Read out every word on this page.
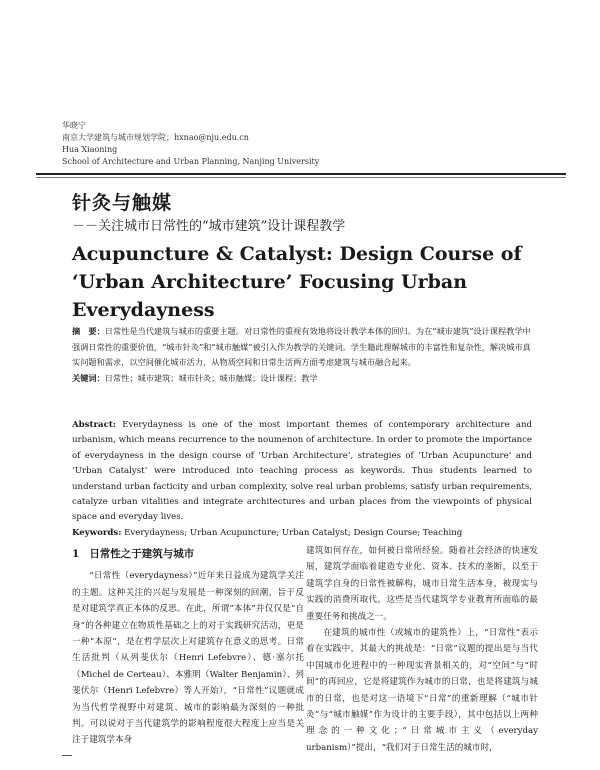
华晓宁
南京大学建筑与城市规划学院；hxnao@nju.edu.cn
Hua Xiaoning
School of Architecture and Urban Planning, Nanjing University
针灸与触媒
－－关注城市日常性的“城市建筑”设计课程教学
Acupuncture & Catalyst: Design Course of
‘Urban Architecture’ Focusing Urban Everydayness
摘　要：日常性是当代建筑与城市的重要主题。对日常性的重视有效地将设计教学本体的回归。为在“城市建筑”设计课程教学中强调日常性的重要价值，“城市针灸”和“城市触媒”被引入作为教学的关键词。学生籍此理解城市的丰富性和复杂性，解决城市真实问题和需求，以空间催化城市活力，从物质空间和日常生活两方面考虑建筑与城市融合起来。
关键词：日常性；城市建筑；城市针灸；城市触媒；设计课程；教学
Abstract: Everydayness is one of the most important themes of contemporary architecture and urbanism, which means recurrence to the noumenon of architecture. In order to promote the importance of everydayness in the design course of ‘Urban Architecture’, strategies of ‘Urban Acupuncture’ and ‘Urban Catalyst’ were introduced into teaching process as keywords. Thus students learned to understand urban facticity and urban complexity, solve real urban problems, satisfy urban requirements, catalyze urban vitalities and integrate architectures and urban places from the viewpoints of physical space and everyday lives.
Keywords: Everydayness; Urban Acupuncture; Urban Catalyst; Design Course; Teaching
1 日常性之于建筑与城市

“日常性（everydayness）”近年来日益成为建筑学关注的主题。这种关注的兴起与发展是一种深刻的回潮，旨于反是对建筑学真正本体的反思。在此，所谓“本体”并仅仅是“自身”的各种建立在物质性基础之上的对于实践研究活动，更是一种“本原”，是在哲学层次上对建筑存在意义的思考。日常生活批判（从列斐伏尔（Henri Lefebvre）、德·塞尔托（Michel de Certeau）、本雅明（Walter Benjamin）、列斐伏尔（Henri Lefebvre）等人开始），“日常性”议题就成为当代哲学视野中对建筑、城市的影响最为深刻的一种批判。可以说对于当代建筑学的影响程度很大程度上应当是关注于建筑学本身

建筑如何存在，如何被日常所经验。随着社会经济的快速发展，建筑学面临着建造专业化、资本、技术的垄断，以至于建筑学自身的日常性被解构，城市日常生活本身，被现实与实践的消费所取代，这些是当代建筑学专业教育所面临的最重要任务和挑战之一。

在建筑的城市性（或城市的建筑性）上，“日常性”表示着在实践中，其最大的挑战是：“日常”议题的提出是与当代中国城市化进程中的一种现实背景相关的，对“空间”与“时间”的再回应，它是将建筑作为城市的日常，也是将建筑与城市的日常，也是对这一语境下“日常”的重新理解（“城市针灸”与“城市触媒”作为设计的主要手段），其中包括以上两种理念的一种文化；“日常城市主义（everyday urbanism）”提出，“我们对于日常生活的城市时，
